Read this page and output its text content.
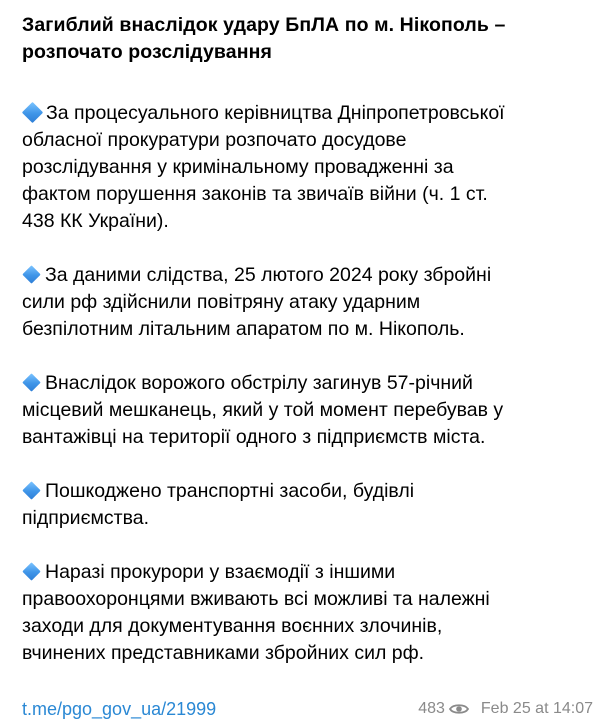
Загиблий внаслідок удару БпЛА по м. Нікополь –
розпочато розслідування

За процесуального керівництва Дніпропетровської
обласної прокуратури розпочато досудове
розслідування у кримінальному провадженні за
фактом порушення законів та звичаїв війни (ч. 1 ст.
438 КК України).

За даними слідства, 25 лютого 2024 року збройні
сили рф здійснили повітряну атаку ударним
безпілотним літальним апаратом по м. Нікополь.

Внаслідок ворожого обстрілу загинув 57-річний
місцевий мешканець, який у той момент перебував у
вантажівці на території одного з підприємств міста.

Пошкоджено транспортні засоби, будівлі
підприємства.

Наразі прокурори у взаємодії з іншими
правоохоронцями вживають всі можливі та належні
заходи для документування воєнних злочинів,
вчинених представниками збройних сил рф.

t.me/pgo_gov_ua/21999	483 Feb 25 at 14:07
